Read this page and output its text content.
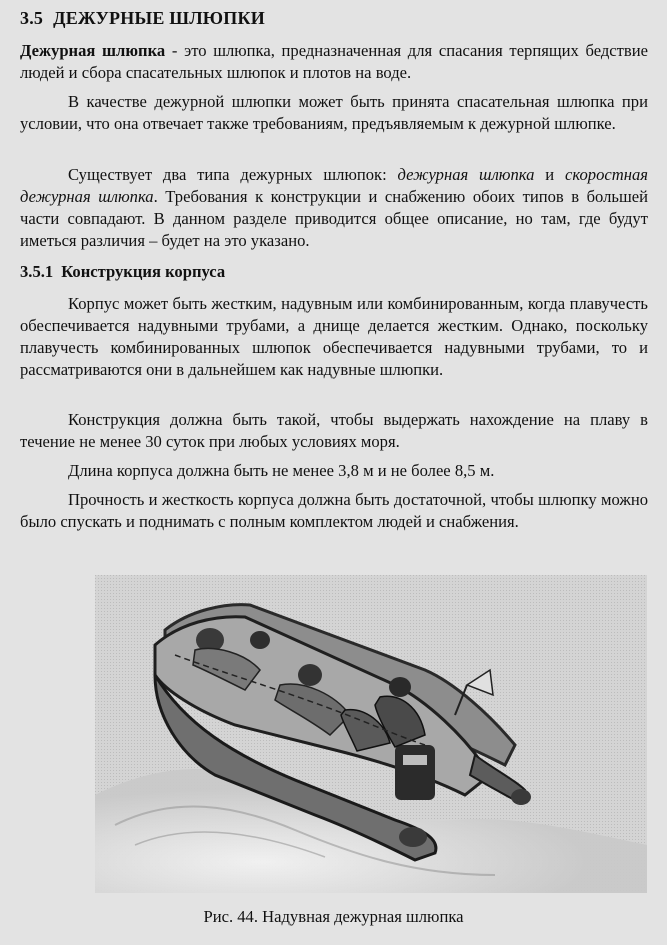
3.5 ДЕЖУРНЫЕ ШЛЮПКИ

Дежурная шлюпка - это шлюпка, предназначенная для спасания терпящих бедствие людей и сбора спасательных шлюпок и плотов на воде.

В качестве дежурной шлюпки может быть принята спасательная шлюпка при условии, что она отвечает также требованиям, предъявляемым к дежурной шлюпке.

Существует два типа дежурных шлюпок: дежурная шлюпка и скоростная дежурная шлюпка. Требования к конструкции и снабжению обоих типов в большей части совпадают. В данном разделе приводится общее описание, но там, где будут иметься различия – будет на это указано.

3.5.1 Конструкция корпуса

Корпус может быть жестким, надувным или комбинированным, когда плавучесть обеспечивается надувными трубами, а днище делается жестким. Однако, поскольку плавучесть комбинированных шлюпок обеспечивается надувными трубами, то и рассматриваются они в дальнейшем как надувные шлюпки.

Конструкция должна быть такой, чтобы выдержать нахождение на плаву в течение не менее 30 суток при любых условиях моря.

Длина корпуса должна быть не менее 3,8 м и не более 8,5 м.

Прочность и жесткость корпуса должна быть достаточной, чтобы шлюпку можно было спускать и поднимать с полным комплектом людей и снабжения.

Рис. 44. Надувная дежурная шлюпка
